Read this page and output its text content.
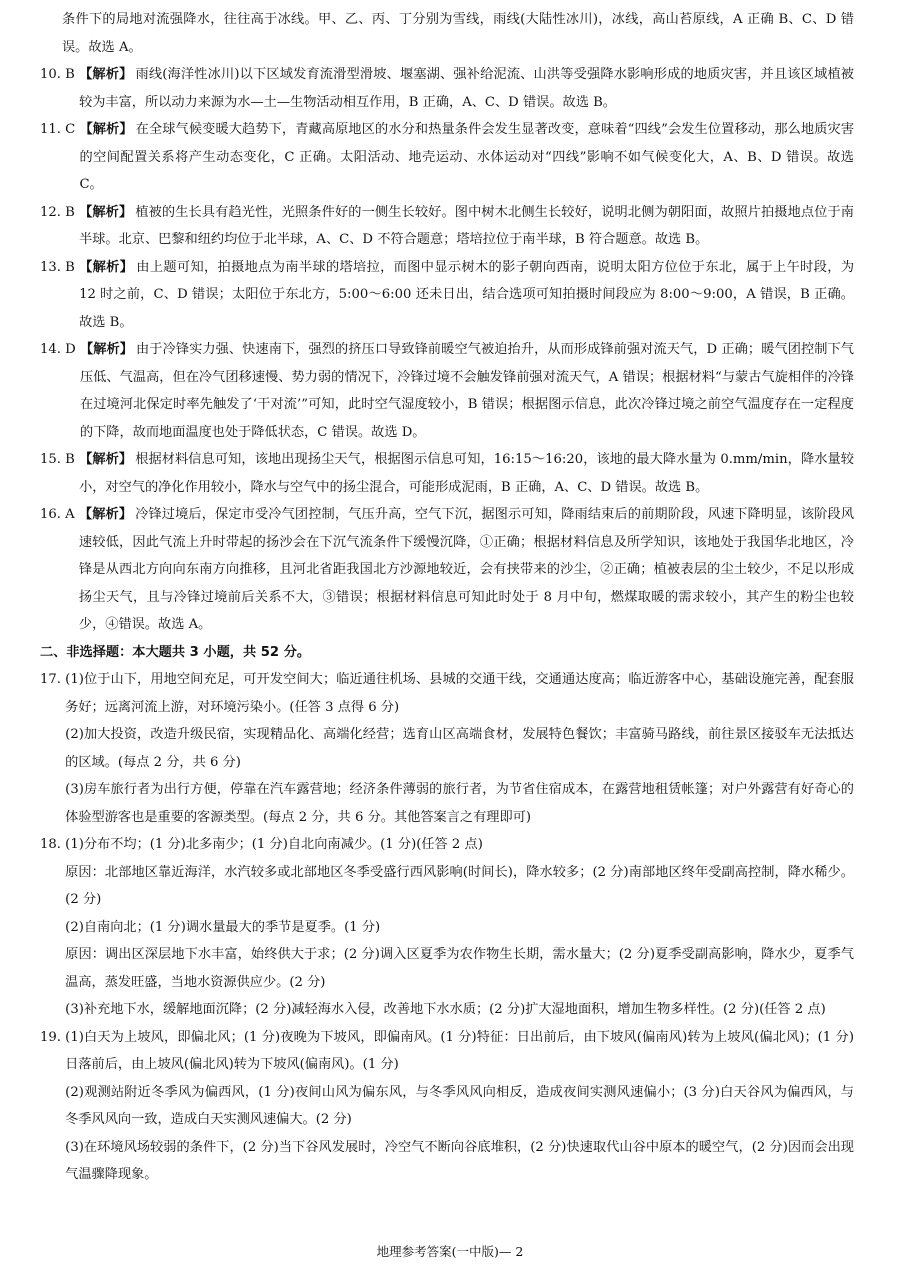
条件下的局地对流强降水，往往高于冰线。甲、乙、丙、丁分别为雪线，雨线(大陆性冰川)，冰线，高山苔原线，A 正确 B、C、D 错误。故选 A。

10. B 【解析】 雨线(海洋性冰川)以下区域发育流滑型滑坡、堰塞湖、强补给泥流、山洪等受强降水影响形成的地质灾害，并且该区域植被较为丰富，所以动力来源为水—土—生物活动相互作用，B 正确，A、C、D 错误。故选 B。
11. C 【解析】 在全球气候变暖大趋势下，青藏高原地区的水分和热量条件会发生显著改变，意味着“四线”会发生位置移动，那么地质灾害的空间配置关系将产生动态变化，C 正确。太阳活动、地壳运动、水体运动对“四线”影响不如气候变化大，A、B、D 错误。故选 C。
12. B 【解析】 植被的生长具有趋光性，光照条件好的一侧生长较好。图中树木北侧生长较好，说明北侧为朝阳面，故照片拍摄地点位于南半球。北京、巴黎和纽约均位于北半球，A、C、D 不符合题意；塔培拉位于南半球，B 符合题意。故选 B。
13. B 【解析】 由上题可知，拍摄地点为南半球的塔培拉，而图中显示树木的影子朝向西南，说明太阳方位位于东北，属于上午时段，为 12 时之前，C、D 错误；太阳位于东北方，5:00～6:00 还未日出，结合选项可知拍摄时间段应为 8:00～9:00，A 错误，B 正确。故选 B。
14. D 【解析】 由于冷锋实力强、快速南下，强烈的挤压口导致锋前暖空气被迫抬升，从而形成锋前强对流天气，D 正确；暖气团控制下气压低、气温高，但在冷气团移速慢、势力弱的情况下，冷锋过境不会触发锋前强对流天气，A 错误；根据材料“与蒙古气旋相伴的冷锋在过境河北保定时率先触发了‘干对流’”可知，此时空气湿度较小，B 错误；根据图示信息，此次冷锋过境之前空气温度存在一定程度的下降，故而地面温度也处于降低状态，C 错误。故选 D。
15. B 【解析】 根据材料信息可知，该地出现扬尘天气，根据图示信息可知，16:15～16:20，该地的最大降水量为 0.mm/min，降水量较小，对空气的净化作用较小，降水与空气中的扬尘混合，可能形成泥雨，B 正确，A、C、D 错误。故选 B。
16. A 【解析】 冷锋过境后，保定市受冷气团控制，气压升高，空气下沉，据图示可知，降雨结束后的前期阶段，风速下降明显，该阶段风速较低，因此气流上升时带起的扬沙会在下沉气流条件下缓慢沉降，①正确；根据材料信息及所学知识，该地处于我国华北地区，冷锋是从西北方向向东南方向推移，且河北省距我国北方沙源地较近，会有挟带来的沙尘，②正确；植被表层的尘土较少，不足以形成扬尘天气，且与冷锋过境前后关系不大，③错误；根据材料信息可知此时处于 8 月中旬，燃煤取暖的需求较小，其产生的粉尘也较少，④错误。故选 A。

二、非选择题：本大题共 3 小题，共 52 分。

17. (1)位于山下，用地空间充足，可开发空间大；临近通往机场、县城的交通干线，交通通达度高；临近游客中心，基础设施完善，配套服务好；远离河流上游，对环境污染小。(任答 3 点得 6 分)
(2)加大投资，改造升级民宿，实现精品化、高端化经营；选育山区高端食材，发展特色餐饮；丰富骑马路线，前往景区接驳车无法抵达的区域。(每点 2 分，共 6 分)
(3)房车旅行者为出行方便，停靠在汽车露营地；经济条件薄弱的旅行者，为节省住宿成本，在露营地租赁帐篷；对户外露营有好奇心的体验型游客也是重要的客源类型。(每点 2 分，共 6 分。其他答案言之有理即可)
18. (1)分布不均；(1 分)北多南少；(1 分)自北向南减少。(1 分)(任答 2 点)
原因：北部地区靠近海洋，水汽较多或北部地区冬季受盛行西风影响(时间长)，降水较多；(2 分)南部地区终年受副高控制，降水稀少。(2 分)
(2)自南向北；(1 分)调水量最大的季节是夏季。(1 分)
原因：调出区深层地下水丰富，始终供大于求；(2 分)调入区夏季为农作物生长期，需水量大；(2 分)夏季受副高影响，降水少，夏季气温高，蒸发旺盛，当地水资源供应少。(2 分)
(3)补充地下水，缓解地面沉降；(2 分)减轻海水入侵，改善地下水水质；(2 分)扩大湿地面积，增加生物多样性。(2 分)(任答 2 点)
19. (1)白天为上坡风，即偏北风；(1 分)夜晚为下坡风，即偏南风。(1 分)特征：日出前后，由下坡风(偏南风)转为上坡风(偏北风)；(1 分)日落前后，由上坡风(偏北风)转为下坡风(偏南风)。(1 分)
(2)观测站附近冬季风为偏西风，(1 分)夜间山风为偏东风，与冬季风风向相反，造成夜间实测风速偏小；(3 分)白天谷风为偏西风，与冬季风风向一致，造成白天实测风速偏大。(2 分)
(3)在环境风场较弱的条件下，(2 分)当下谷风发展时，冷空气不断向谷底堆积，(2 分)快速取代山谷中原本的暖空气，(2 分)因而会出现气温骤降现象。
地理参考答案(一中版)— 2
